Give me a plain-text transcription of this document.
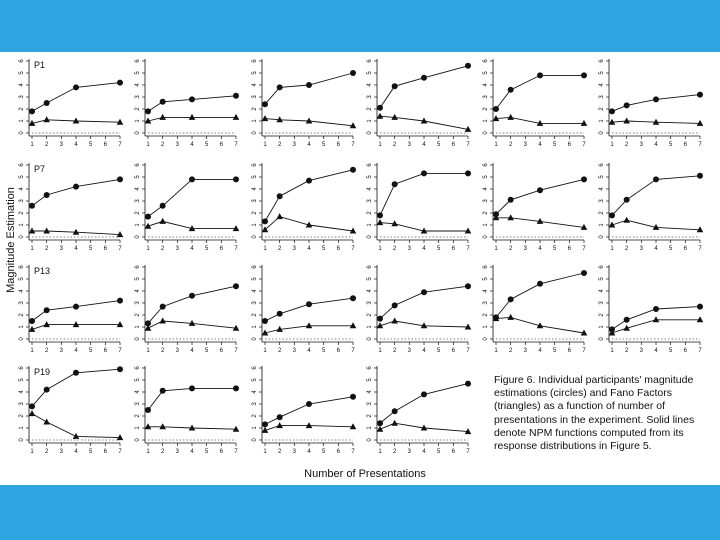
0
1
2
3
4
5
6
1 2 3 4 5 6 7
P1
0
1
2
3
4
5
6
1 2 3 4 5 6 7
0
1
2
3
4
5
6
1 2 3 4 5 6 7
0
1
2
3
4
5
6
1 2 3 4 5 6 7
0
1
2
3
4
5
6
1 2 3 4 5 6 7
0
1
2
3
4
5
6
1 2 3 4 5 6 7
0
1
2
3
4
5
6
1 2 3 4 5 6 7
P7
0
1
2
3
4
5
6
1 2 3 4 5 6 7
0
1
2
3
4
5
6
1 2 3 4 5 6 7
0
1
2
3
4
5
6
1 2 3 4 5 6 7
0
1
2
3
4
5
6
1 2 3 4 5 6 7
0
1
2
3
4
5
6
1 2 3 4 5 6 7
0
1
2
3
4
5
6
1 2 3 4 5 6 7
P13
0
1
2
3
4
5
6
1 2 3 4 5 6 7
0
1
2
3
4
5
6
1 2 3 4 5 6 7
0
1
2
3
4
5
6
1 2 3 4 5 6 7
0
1
2
3
4
5
6
1 2 3 4 5 6 7
0
1
2
3
4
5
6
1 2 3 4 5 6 7
0
1
2
3
4
5
6
1 2 3 4 5 6 7
P19
0
1
2
3
4
5
6
1 2 3 4 5 6 7
0
1
2
3
4
5
6
1 2 3 4 5 6 7
0
1
2
3
4
5
6
1 2 3 4 5 6 7
Number of Presentations
Magnitude Estimation
Figure 6. Individual participants' magnitude estimations (circles) and Fano Factors (triangles) as a function of number of presentations in the experiment. Solid lines denote NPM functions computed from its response distributions in Figure 5.
